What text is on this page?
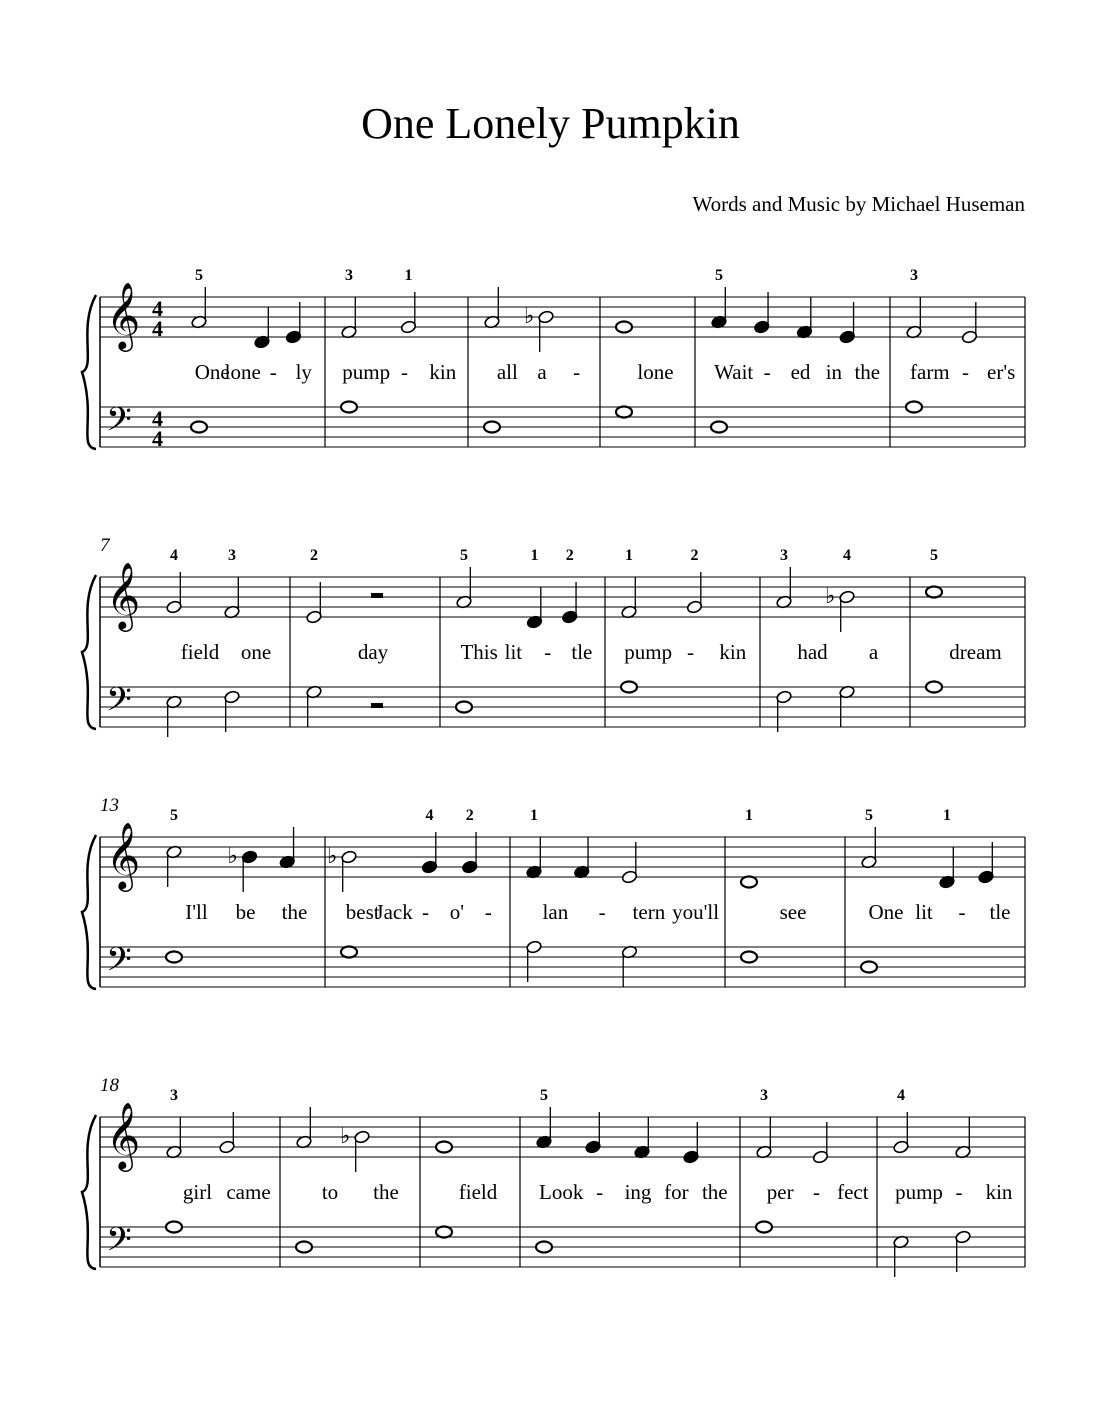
One Lonely Pumpkin
Words and Music by Michael Huseman
𝄞
𝄢
4
4
4
4
♭
5
One
lone - ly
3	1
pump - kin all a -	lone
5
Wait - ed in the
3
farm - er's
𝄞
𝄢
♭
7	4	3
field one
2
day
5	1 2
This lit - tle
1	2
pump - kin
3	4
had a
5
dream
𝄞
𝄢
♭	♭
13	5
I'll be the
4 2
best
Jack - o' -
1
lan - tern you'll
1
see
5	1
One lit - tle
𝄞
𝄢
♭
18	3
girl came to the	field
5
Look - ing for the
3
per - fect
4
pump - kin
